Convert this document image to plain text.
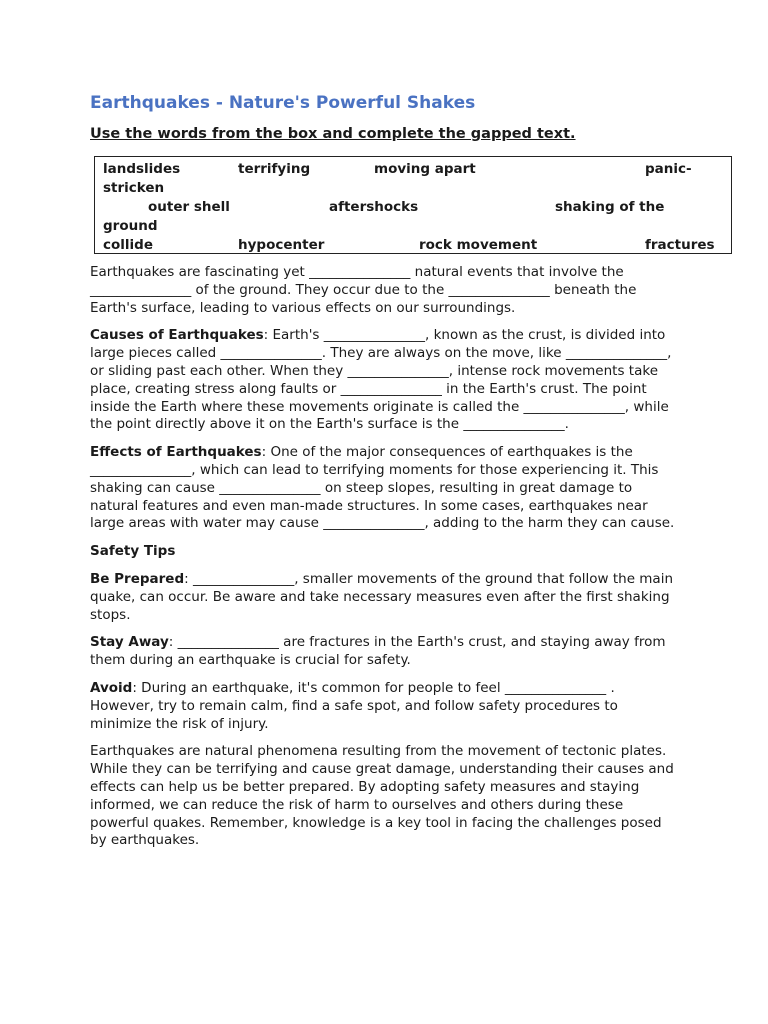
Earthquakes - Nature's Powerful Shakes
Use the words from the box and complete the gapped text.
landslides	terrifying	moving apart	panic-
stricken
outer shell	aftershocks	shaking of the
ground
collide	hypocenter	rock movement	fractures

Earthquakes are fascinating yet _______________ natural events that involve the _______________ of the ground. They occur due to the _______________ beneath the Earth's surface, leading to various effects on our surroundings.

Causes of Earthquakes: Earth's _______________, known as the crust, is divided into large pieces called _______________. They are always on the move, like _______________, or sliding past each other. When they _______________, intense rock movements take place, creating stress along faults or _______________ in the Earth's crust. The point inside the Earth where these movements originate is called the _______________, while the point directly above it on the Earth's surface is the _______________.

Effects of Earthquakes: One of the major consequences of earthquakes is the _______________, which can lead to terrifying moments for those experiencing it. This shaking can cause _______________ on steep slopes, resulting in great damage to natural features and even man-made structures. In some cases, earthquakes near large areas with water may cause _______________, adding to the harm they can cause.

Safety Tips

Be Prepared: _______________, smaller movements of the ground that follow the main quake, can occur. Be aware and take necessary measures even after the first shaking stops.

Stay Away: _______________ are fractures in the Earth's crust, and staying away from them during an earthquake is crucial for safety.

Avoid: During an earthquake, it's common for people to feel _______________ . However, try to remain calm, find a safe spot, and follow safety procedures to minimize the risk of injury.

Earthquakes are natural phenomena resulting from the movement of tectonic plates. While they can be terrifying and cause great damage, understanding their causes and effects can help us be better prepared. By adopting safety measures and staying informed, we can reduce the risk of harm to ourselves and others during these powerful quakes. Remember, knowledge is a key tool in facing the challenges posed by earthquakes.
